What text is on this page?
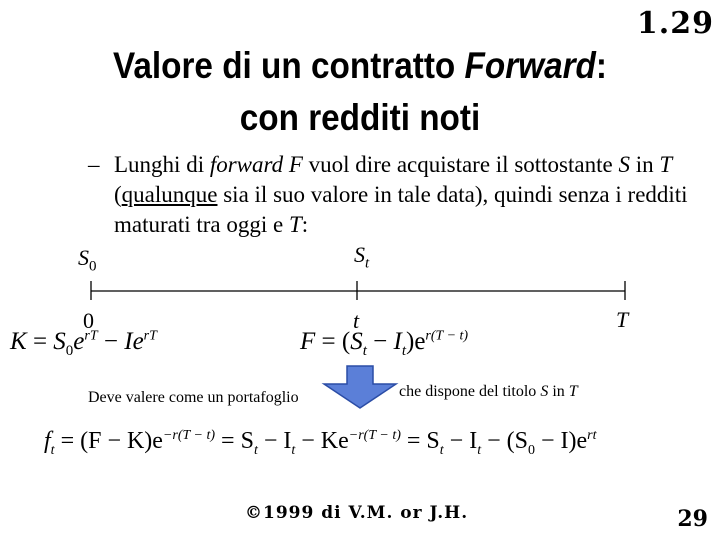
1.29
Valore di un contratto Forward:
con redditi noti
– Lunghi di forward F vuol dire acquistare il sottostante S in T (qualunque sia il suo valore in tale data), quindi senza i redditi maturati tra oggi e T:
$S_0$	$S_t$
0	t	T
$K = S_0e^{rT} - Ie^{rT}$	$F = (S_t - I_t)e^{r(T - t)}$
Deve valere come un portafoglio	che dispone del titolo S in T
$f_t = (F - K)e^{-r(T - t)} = S_t - I_t - Ke^{-r(T - t)} = S_t - I_t - (S_0 - I)e^{rt}$
©1999 di V.M. or J.H.	29
